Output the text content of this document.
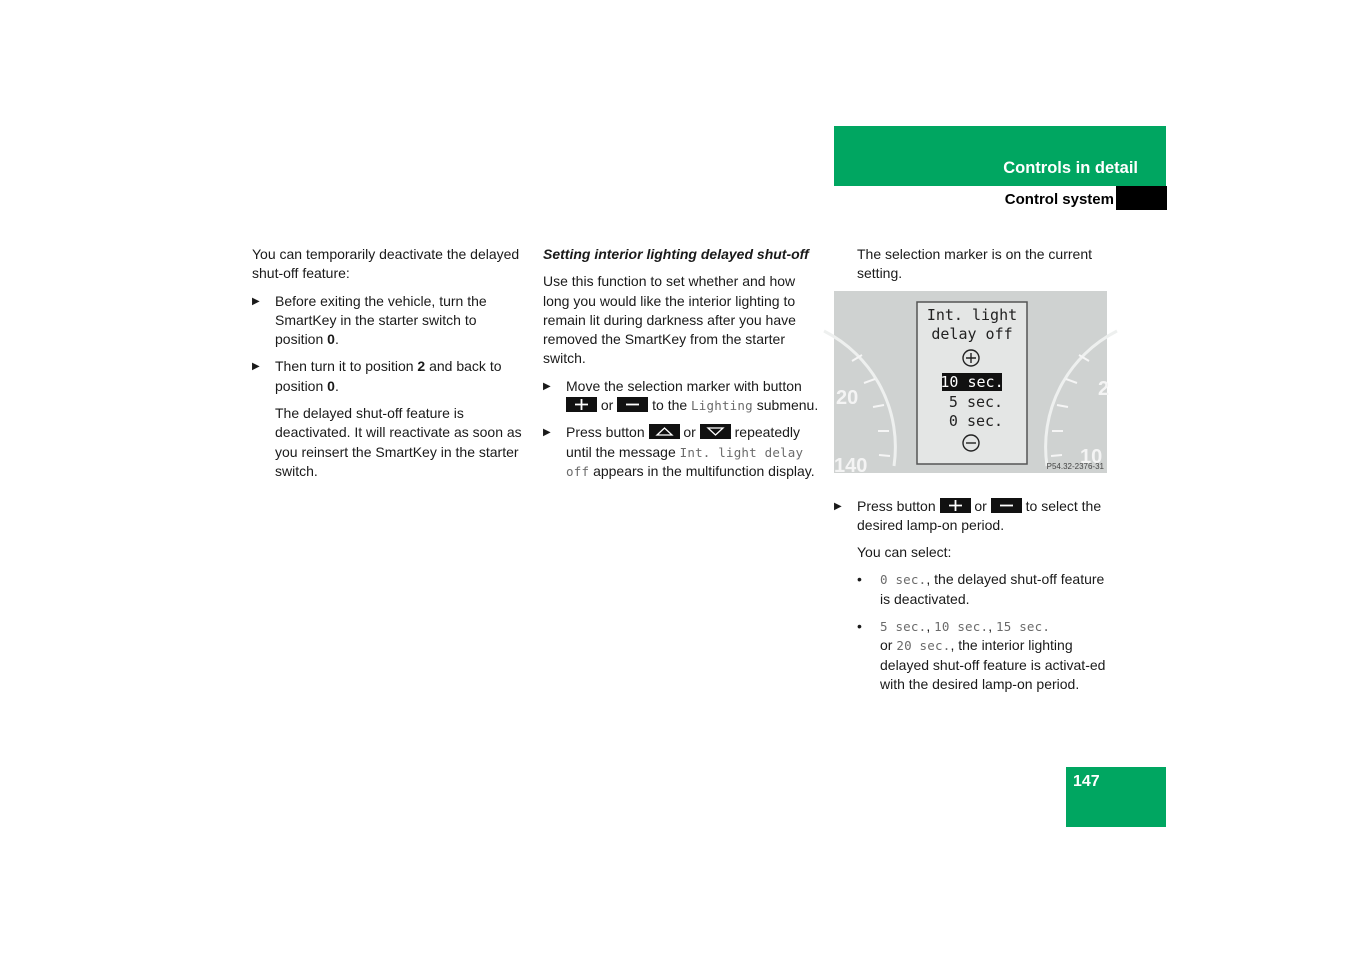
Controls in detail
Control system

You can temporarily deactivate the delayed shut-off feature:

▶ Before exiting the vehicle, turn the SmartKey in the starter switch to position 0.

▶ Then turn it to position 2 and back to position 0.

The delayed shut-off feature is deactivated. It will reactivate as soon as you reinsert the SmartKey in the starter switch.

Setting interior lighting delayed shut-off

Use this function to set whether and how long you would like the interior lighting to remain lit during darkness after you have removed the SmartKey from the starter switch.

▶ Move the selection marker with button
or	to the Lighting submenu.

▶ Press button	or	repeatedly until the message Int. light delay off appears in the multifunction display.

20
140
2
10
Int. light
delay off
10 sec.
5 sec.
0 sec.
P54.32-2376-31

The selection marker is on the current setting.

▶ Press button	or	to select the desired lamp-on period.

You can select:

• 0 sec., the delayed shut-off feature is deactivated.

• 5 sec., 10 sec., 15 sec.
or 20 sec., the interior lighting delayed shut-off feature is activat-ed with the desired lamp-on period.

147
